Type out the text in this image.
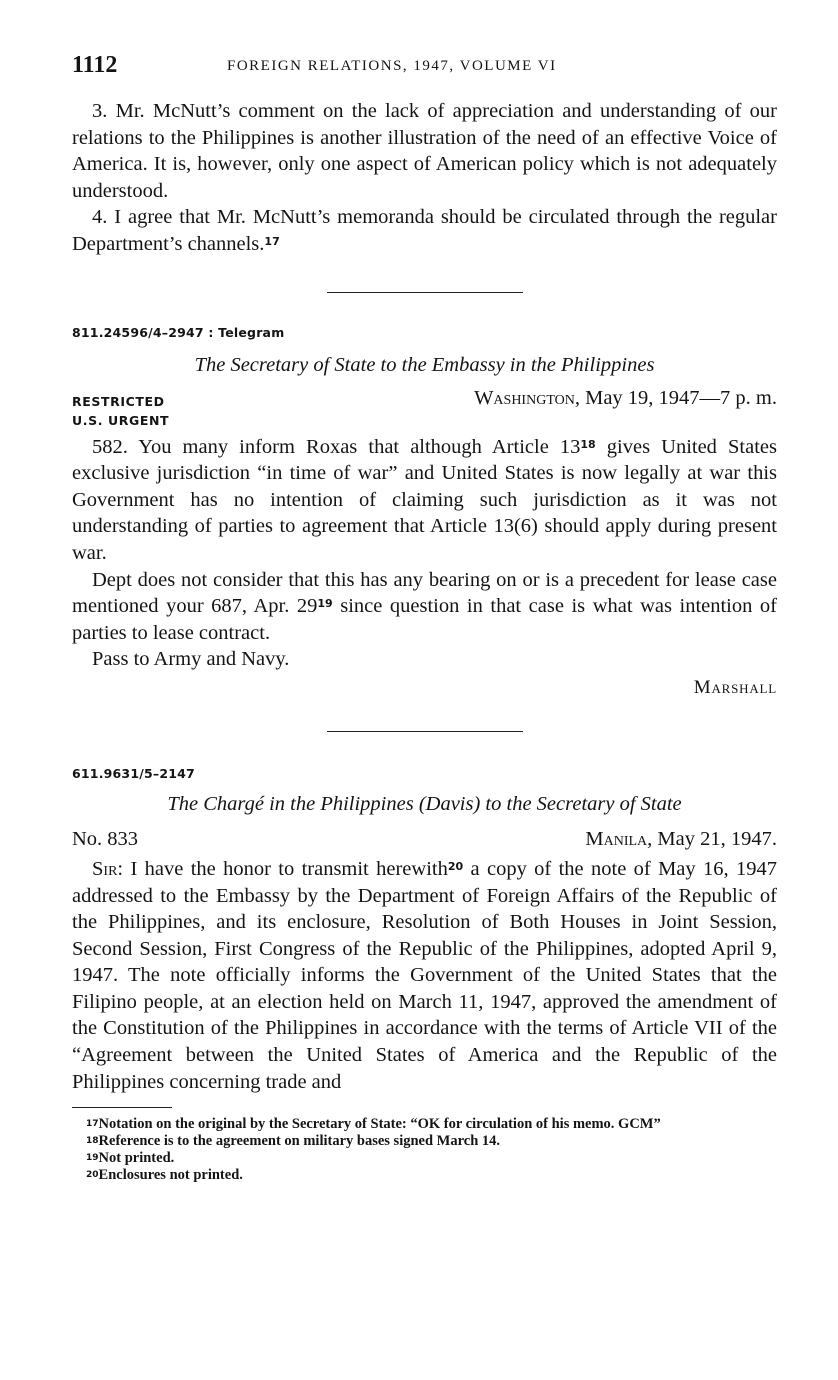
1112	FOREIGN RELATIONS, 1947, VOLUME VI

3. Mr. McNutt’s comment on the lack of appreciation and understanding of our relations to the Philippines is another illustration of the need of an effective Voice of America. It is, however, only one aspect of American policy which is not adequately understood.

4. I agree that Mr. McNutt’s memoranda should be circulated through the regular Department’s channels.$^{17}$

811.24596/4–2947 : Telegram
The Secretary of State to the Embassy in the Philippines
RESTRICTED	Washington, May 19, 1947—7 p. m.
U.S. URGENT

582. You many inform Roxas that although Article $13^{18}$ gives United States exclusive jurisdiction “in time of war” and United States is now legally at war this Government has no intention of claiming such jurisdiction as it was not understanding of parties to agreement that Article 13(6) should apply during present war.

Dept does not consider that this has any bearing on or is a precedent for lease case mentioned your 687, Apr. $29^{19}$ since question in that case is what was intention of parties to lease contract.

Pass to Army and Navy.

Marshall
611.9631/5–2147
The Chargé in the Philippines (Davis) to the Secretary of State
No. 833	Manila, May 21, 1947.

Sir: I have the honor to transmit herewith$^{20}$ a copy of the note of May 16, 1947 addressed to the Embassy by the Department of Foreign Affairs of the Republic of the Philippines, and its enclosure, Resolution of Both Houses in Joint Session, Second Session, First Congress of the Republic of the Philippines, adopted April 9, 1947. The note officially informs the Government of the United States that the Filipino people, at an election held on March 11, 1947, approved the amendment of the Constitution of the Philippines in accordance with the terms of Article VII of the “Agreement between the United States of America and the Republic of the Philippines concerning trade and

$^{17}$Notation on the original by the Secretary of State: “OK for circulation of his memo. GCM”

$^{18}$Reference is to the agreement on military bases signed March 14.

$^{19}$Not printed.

$^{20}$Enclosures not printed.
